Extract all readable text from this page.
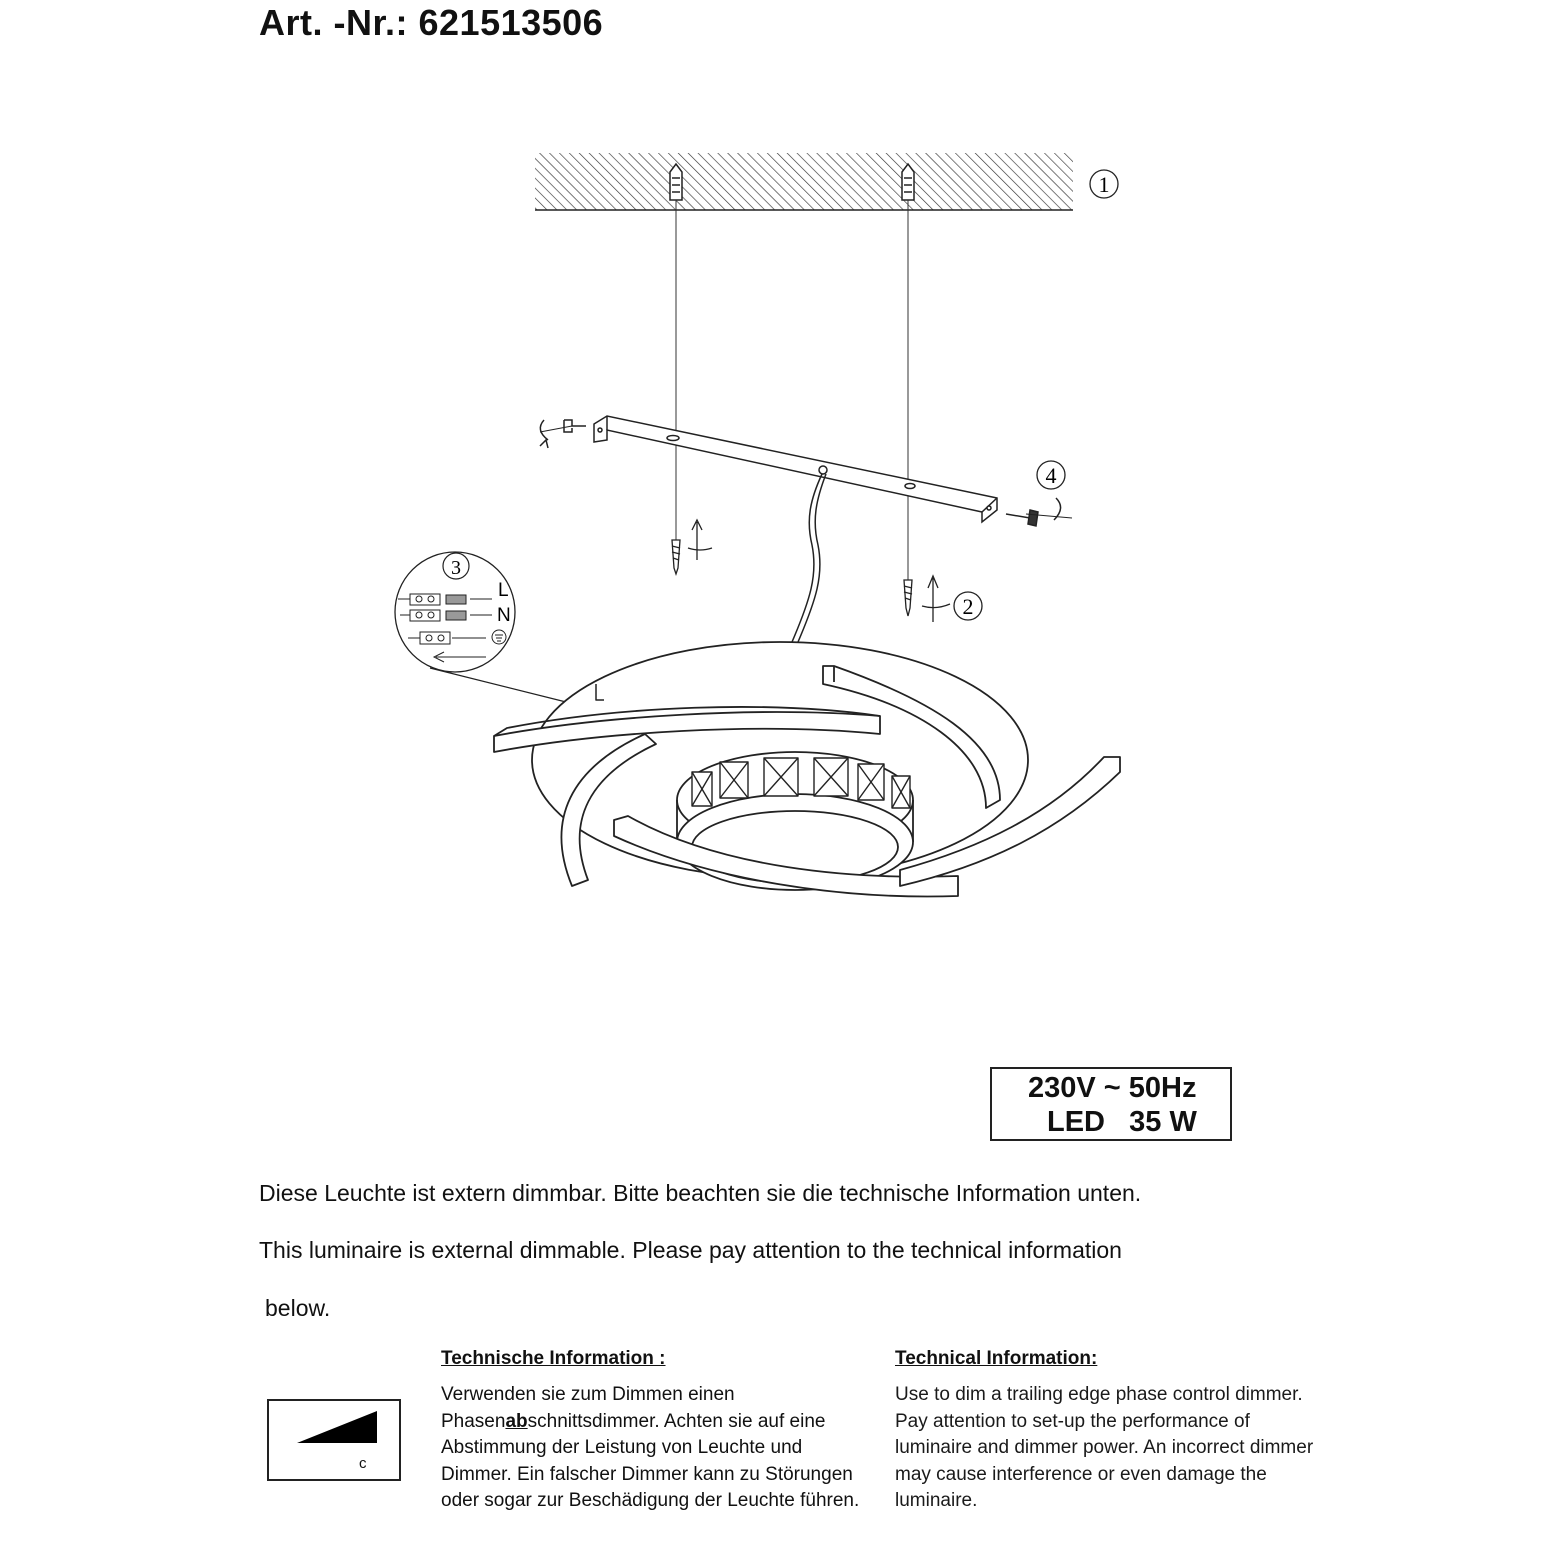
Art. -Nr.: 621513506
1
4
2
3
L
N
230V ~ 50Hz
LED   35 W
Diese Leuchte ist extern dimmbar. Bitte beachten sie die technische Information unten.
This luminaire is external dimmable. Please pay attention to the technical information
below.
c
Technische Information :
Verwenden sie zum Dimmen einen Phasenabschnittsdimmer. Achten sie auf eine Abstimmung der Leistung von Leuchte und Dimmer. Ein falscher Dimmer kann zu Störungen oder sogar zur Beschädigung der Leuchte führen.
Technical Information:
Use to dim a trailing edge phase control dimmer. Pay attention to set-up the performance of luminaire and dimmer power. An incorrect dimmer may cause interference or even damage the luminaire.
